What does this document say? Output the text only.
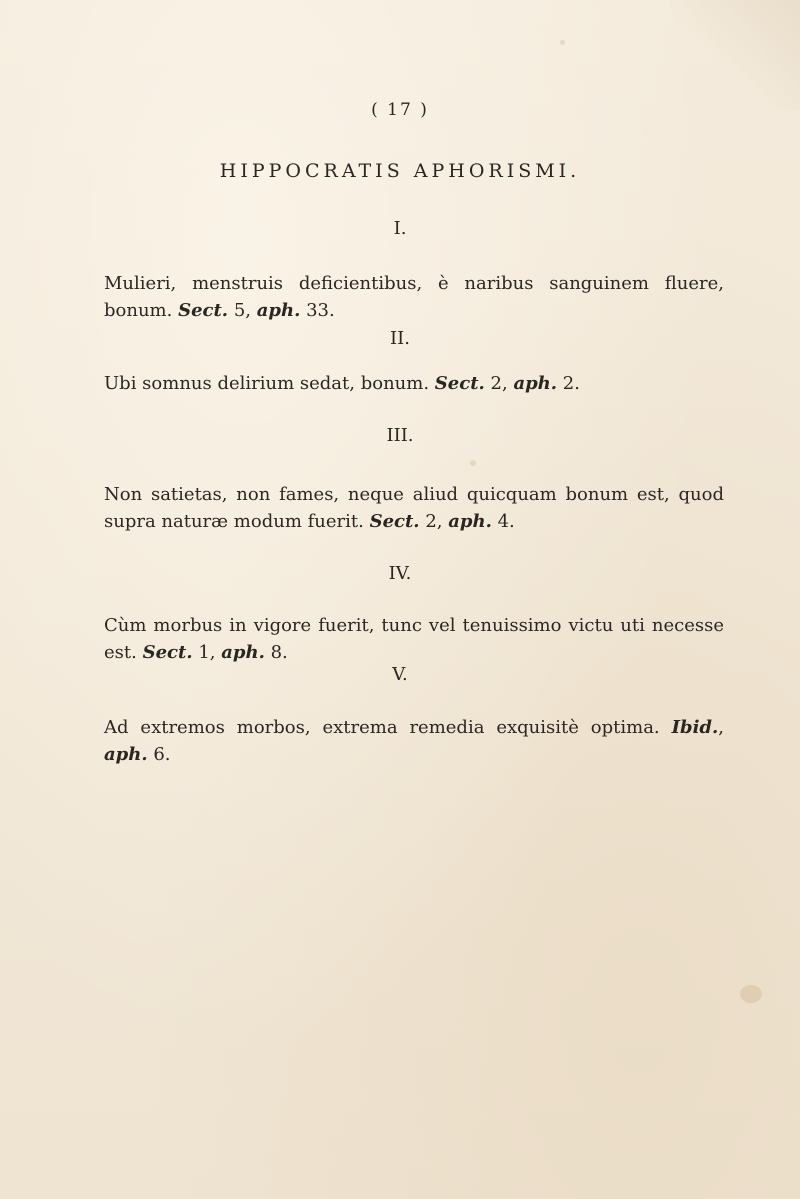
( 17 )
HIPPOCRATIS APHORISMI.
I.
Mulieri, menstruis deficientibus, è naribus sanguinem fluere, bonum. Sect. 5, aph. 33.
II.
Ubi somnus delirium sedat, bonum. Sect. 2, aph. 2.
III.
Non satietas, non fames, neque aliud quicquam bonum est, quod supra naturæ modum fuerit. Sect. 2, aph. 4.
IV.
Cùm morbus in vigore fuerit, tunc vel tenuissimo victu uti necesse est. Sect. 1, aph. 8.
V.
Ad extremos morbos, extrema remedia exquisitè optima. Ibid., aph. 6.
